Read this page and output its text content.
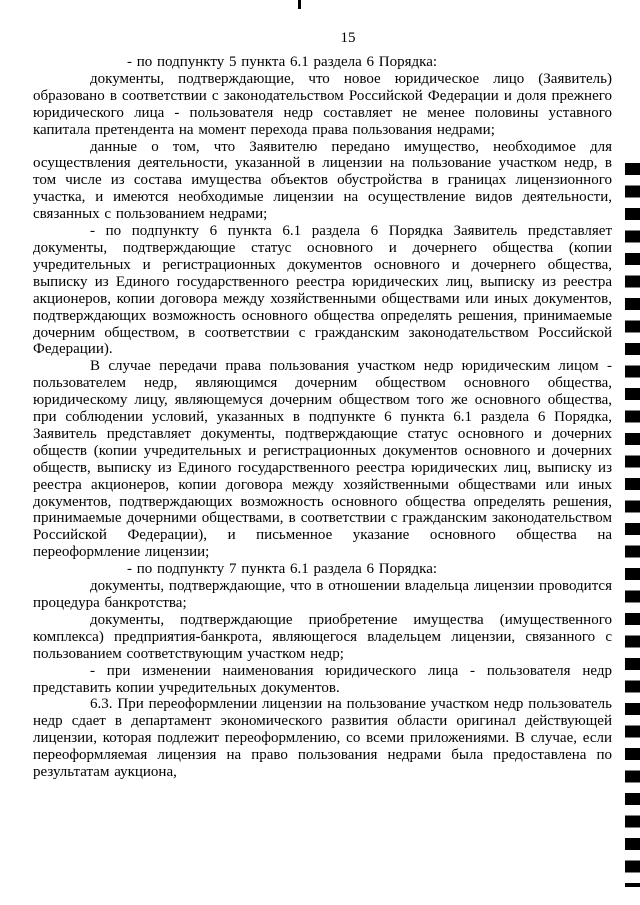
15

- по подпункту 5 пункта 6.1 раздела 6 Порядка:

документы, подтверждающие, что новое юридическое лицо (Заявитель) образовано в соответствии с законодательством Российской Федерации и доля прежнего юридического лица - пользователя недр составляет не менее половины уставного капитала претендента на момент перехода права пользования недрами;

данные о том, что Заявителю передано имущество, необходимое для осуществления деятельности, указанной в лицензии на пользование участком недр, в том числе из состава имущества объектов обустройства в границах лицензионного участка, и имеются необходимые лицензии на осуществление видов деятельности, связанных с пользованием недрами;

- по подпункту 6 пункта 6.1 раздела 6 Порядка Заявитель представляет документы, подтверждающие статус основного и дочернего общества (копии учредительных и регистрационных документов основного и дочернего общества, выписку из Единого государственного реестра юридических лиц, выписку из реестра акционеров, копии договора между хозяйственными обществами или иных документов, подтверждающих возможность основного общества определять решения, принимаемые дочерним обществом, в соответствии с гражданским законодательством Российской Федерации).

В случае передачи права пользования участком недр юридическим лицом - пользователем недр, являющимся дочерним обществом основного общества, юридическому лицу, являющемуся дочерним обществом того же основного общества, при соблюдении условий, указанных в подпункте 6 пункта 6.1 раздела 6 Порядка, Заявитель представляет документы, подтверждающие статус основного и дочерних обществ (копии учредительных и регистрационных документов основного и дочерних обществ, выписку из Единого государственного реестра юридических лиц, выписку из реестра акционеров, копии договора между хозяйственными обществами или иных документов, подтверждающих возможность основного общества определять решения, принимаемые дочерними обществами, в соответствии с гражданским законодательством Российской Федерации), и письменное указание основного общества на переоформление лицензии;

- по подпункту 7 пункта 6.1 раздела 6 Порядка:

документы, подтверждающие, что в отношении владельца лицензии проводится процедура банкротства;

документы, подтверждающие приобретение имущества (имущественного комплекса) предприятия-банкрота, являющегося владельцем лицензии, связанного с пользованием соответствующим участком недр;

- при изменении наименования юридического лица - пользователя недр представить копии учредительных документов.

6.3. При переоформлении лицензии на пользование участком недр пользователь недр сдает в департамент экономического развития области оригинал действующей лицензии, которая подлежит переоформлению, со всеми приложениями. В случае, если переоформляемая лицензия на право пользования недрами была предоставлена по результатам аукциона,
